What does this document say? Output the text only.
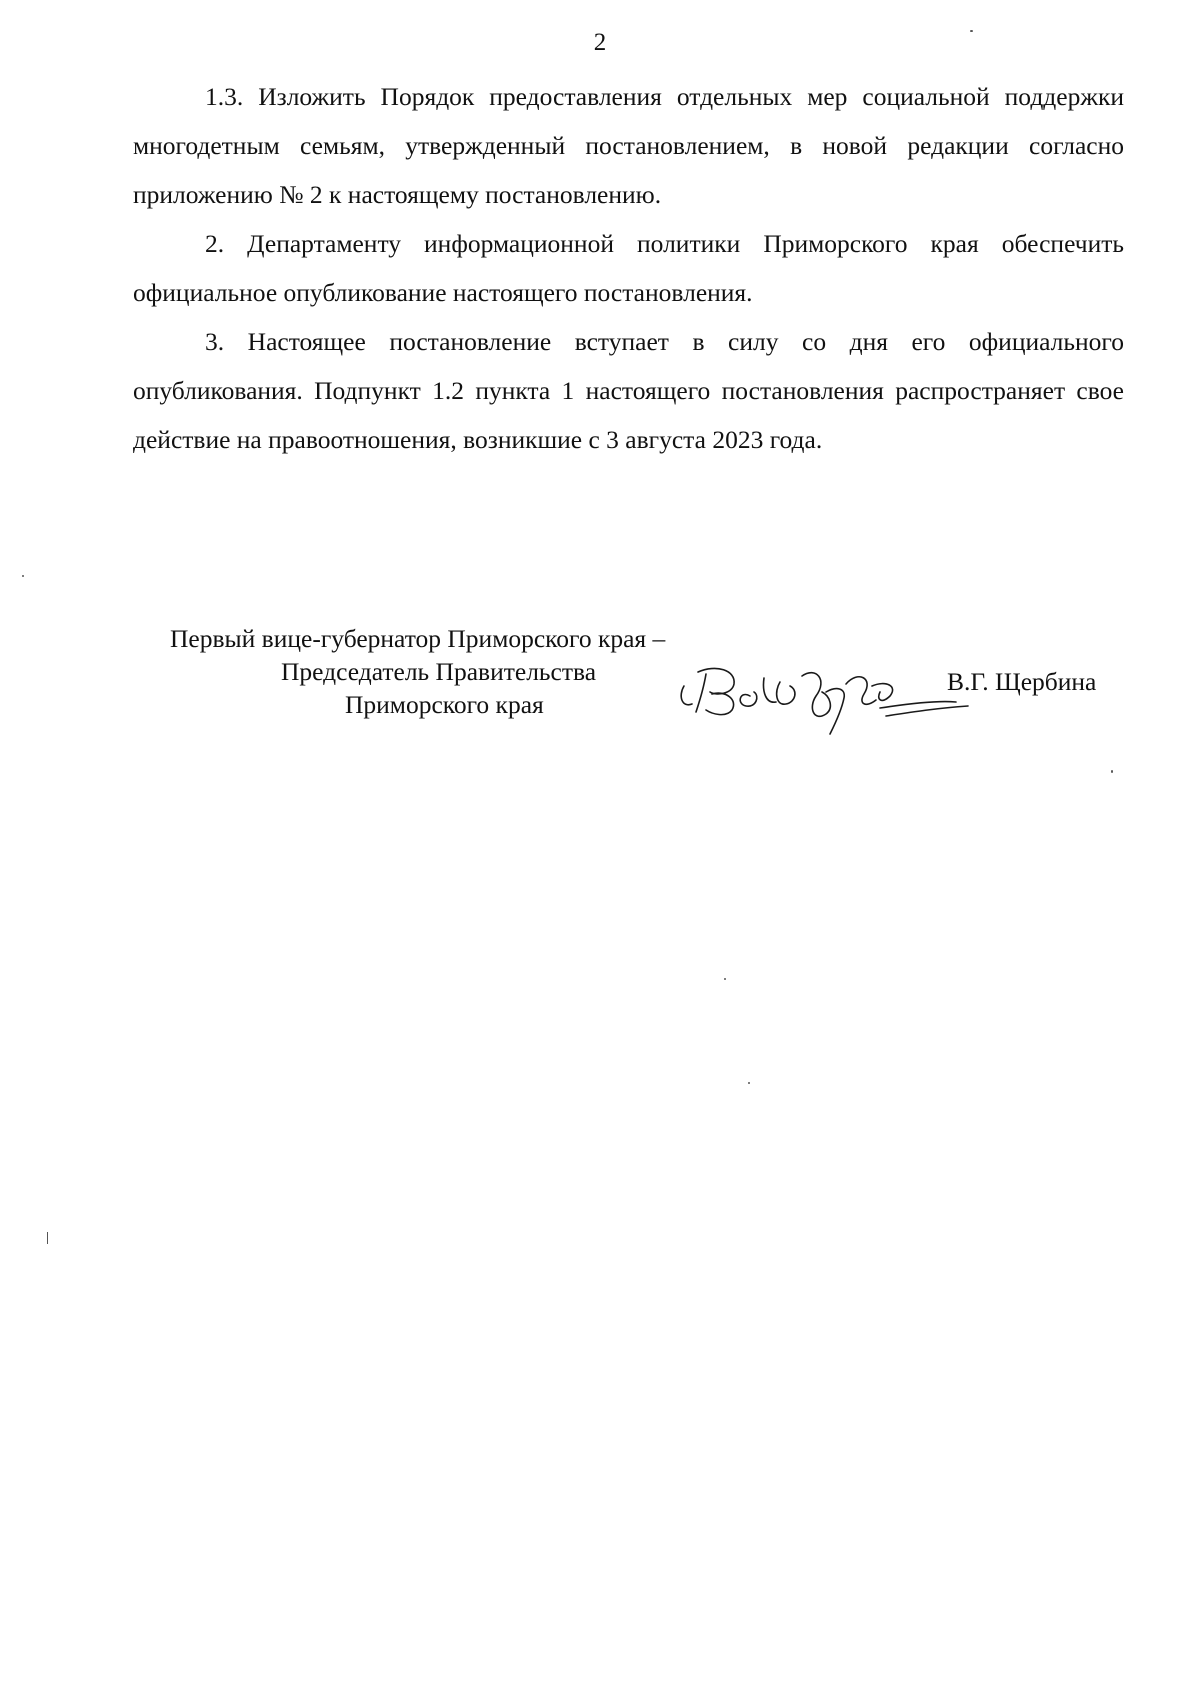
2

1.3. Изложить Порядок предоставления отдельных мер социальной поддержки многодетным семьям, утвержденный постановлением, в новой редакции согласно приложению № 2 к настоящему постановлению.

2. Департаменту информационной политики Приморского края обеспечить официальное опубликование настоящего постановления.

3. Настоящее постановление вступает в силу со дня его официального опубликования. Подпункт 1.2 пункта 1 настоящего постановления распространяет свое действие на правоотношения, возникшие с 3 августа 2023 года.

Первый вице-губернатор Приморского края –
Председатель Правительства
Приморского края
В.Г. Щербина
